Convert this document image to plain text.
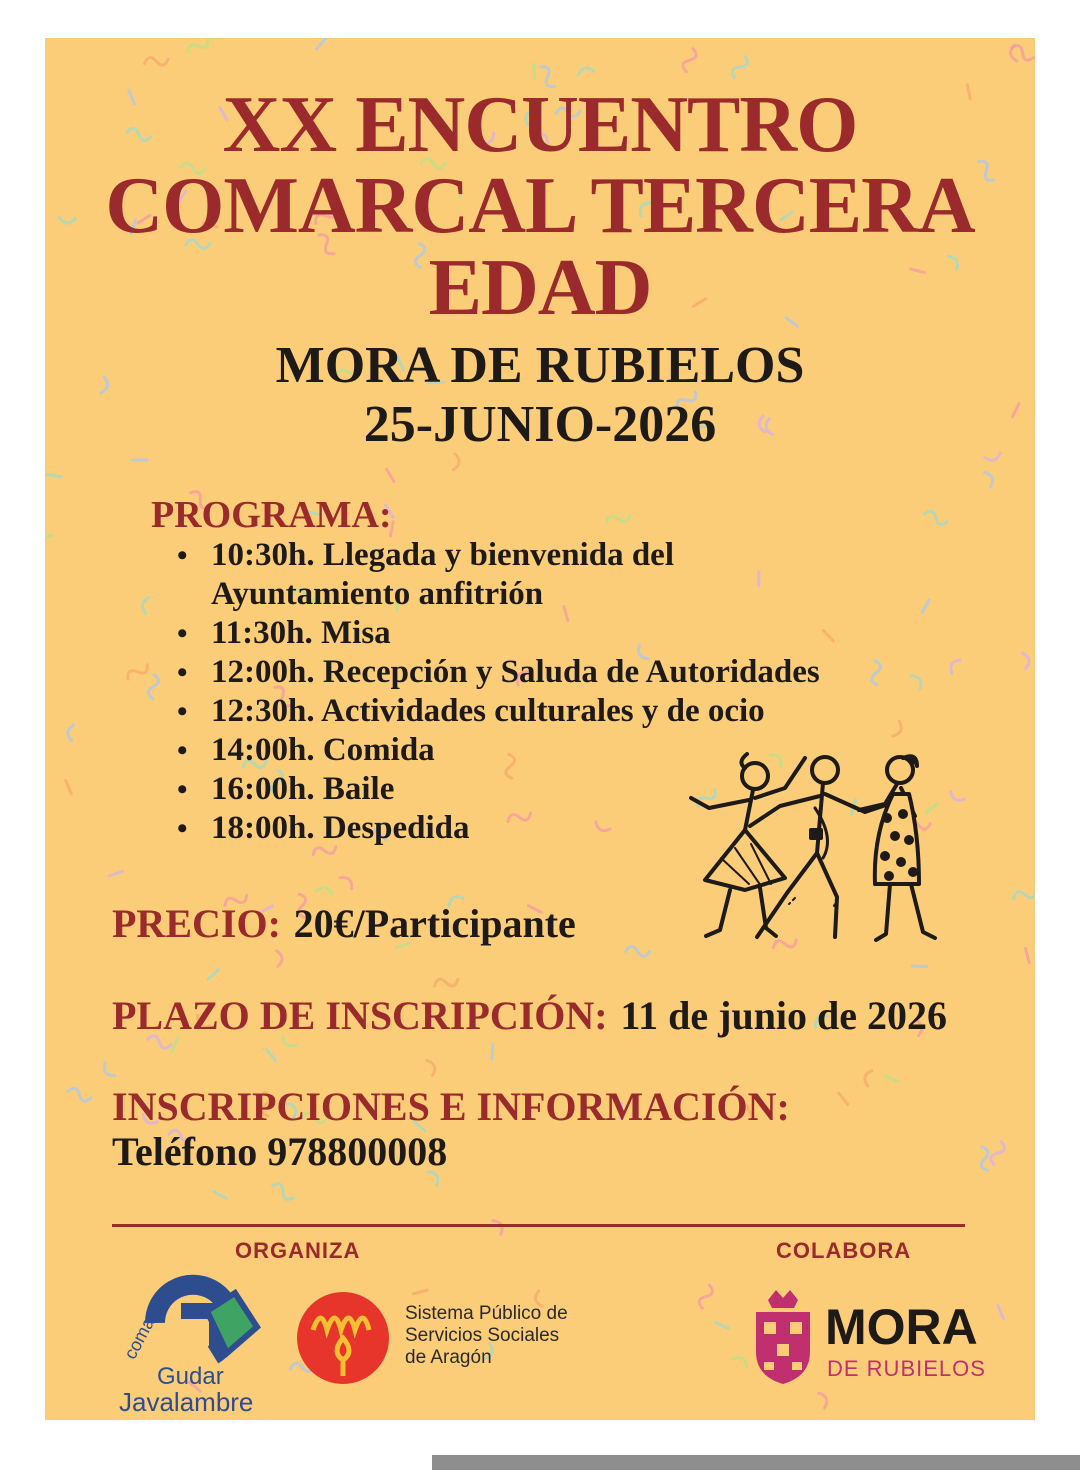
XX ENCUENTRO
COMARCAL TERCERA
EDAD
MORA DE RUBIELOS
25-JUNIO-2026
PROGRAMA:
• 10:30h. Llegada y bienvenida del Ayuntamiento anfitrión
• 11:30h. Misa
• 12:00h. Recepción y Saluda de Autoridades
• 12:30h. Actividades culturales y de ocio
• 14:00h. Comida
• 16:00h. Baile
• 18:00h. Despedida
PRECIO: 20€/Participante
PLAZO DE INSCRIPCIÓN: 11 de junio de 2026
INSCRIPCIONES E INFORMACIÓN:
Teléfono 978800008
ORGANIZA	COLABORA
comarca
Gudar
Javalambre
Sistema Público de
Servicios Sociales
de Aragón
MORA
DE RUBIELOS
